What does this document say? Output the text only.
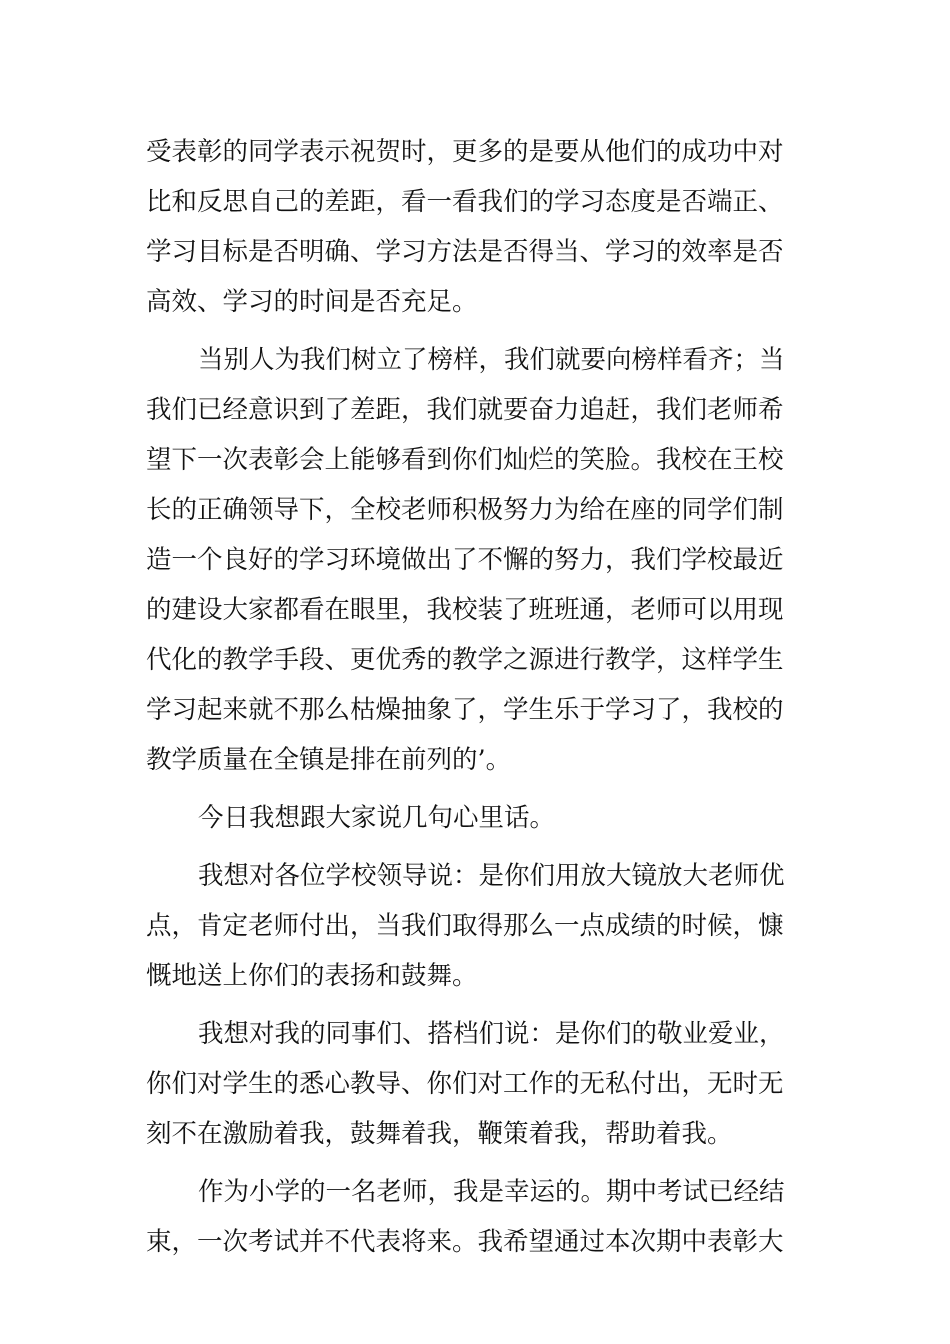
受表彰的同学表示祝贺时，更多的是要从他们的成功中对
比和反思自己的差距，看一看我们的学习态度是否端正、
学习目标是否明确、学习方法是否得当、学习的效率是否
高效、学习的时间是否充足。
当别人为我们树立了榜样，我们就要向榜样看齐；当
我们已经意识到了差距，我们就要奋力追赶，我们老师希
望下一次表彰会上能够看到你们灿烂的笑脸。我校在王校
长的正确领导下，全校老师积极努力为给在座的同学们制
造一个良好的学习环境做出了不懈的努力，我们学校最近
的建设大家都看在眼里，我校装了班班通，老师可以用现
代化的教学手段、更优秀的教学之源进行教学，这样学生
学习起来就不那么枯燥抽象了，学生乐于学习了，我校的
教学质量在全镇是排在前列的’。
今日我想跟大家说几句心里话。
我想对各位学校领导说：是你们用放大镜放大老师优
点，肯定老师付出，当我们取得那么一点成绩的时候，慷
慨地送上你们的表扬和鼓舞。
我想对我的同事们、搭档们说：是你们的敬业爱业，
你们对学生的悉心教导、你们对工作的无私付出，无时无
刻不在激励着我，鼓舞着我，鞭策着我，帮助着我。
作为小学的一名老师，我是幸运的。期中考试已经结
束，一次考试并不代表将来。我希望通过本次期中表彰大
